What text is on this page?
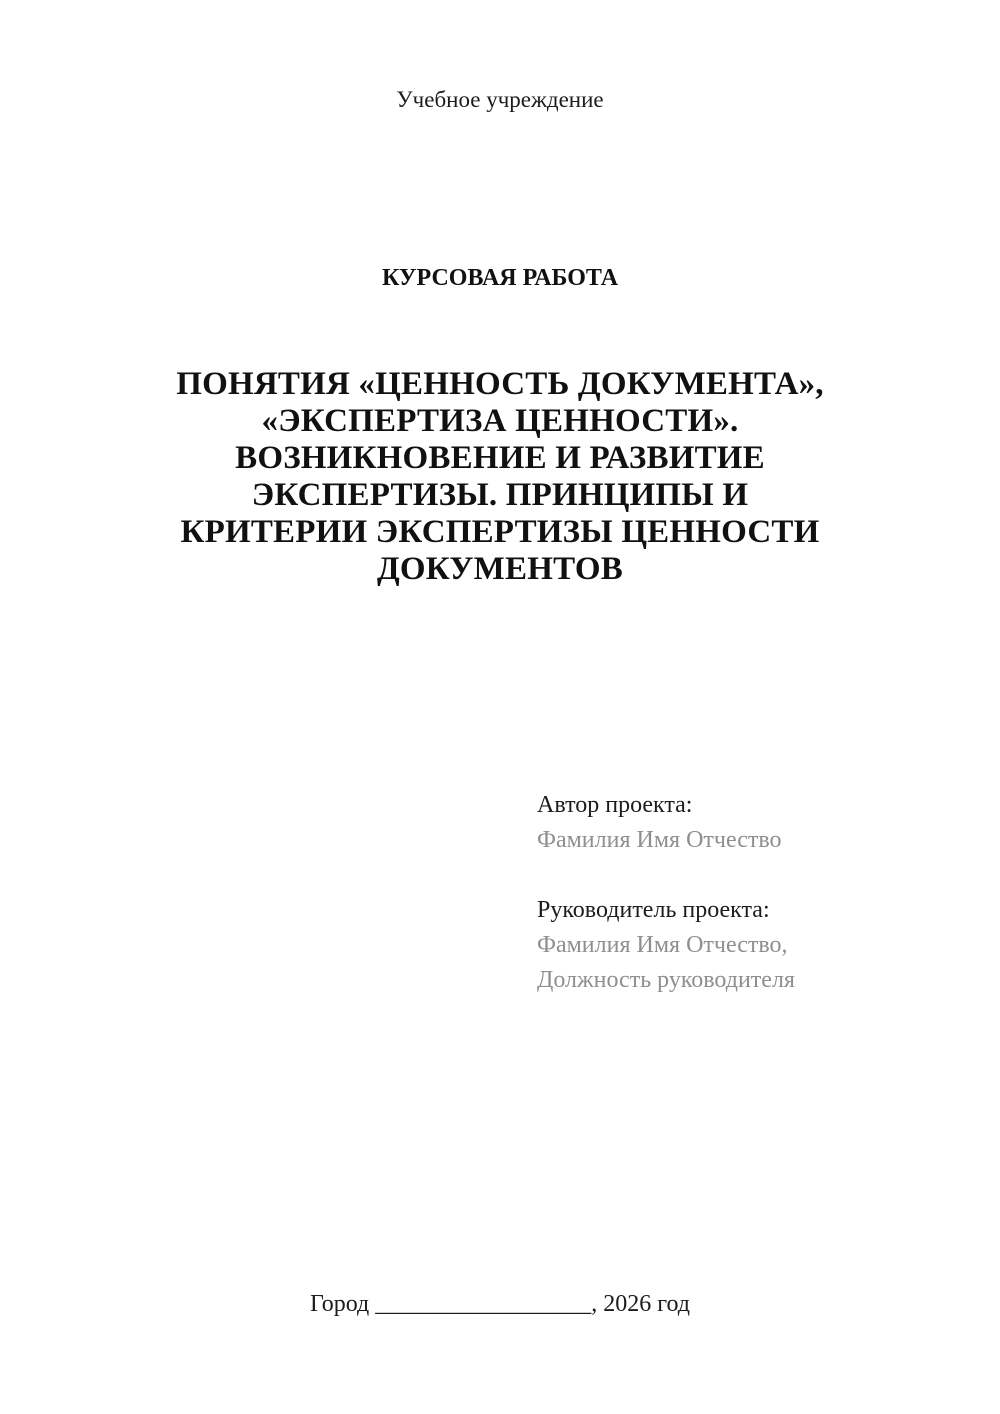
Учебное учреждение
КУРСОВАЯ РАБОТА
ПОНЯТИЯ «ЦЕННОСТЬ ДОКУМЕНТА»,
«ЭКСПЕРТИЗА ЦЕННОСТИ».
ВОЗНИКНОВЕНИЕ И РАЗВИТИЕ
ЭКСПЕРТИЗЫ. ПРИНЦИПЫ И
КРИТЕРИИ ЭКСПЕРТИЗЫ ЦЕННОСТИ
ДОКУМЕНТОВ
Автор проекта:
Фамилия Имя Отчество
Руководитель проекта:
Фамилия Имя Отчество,
Должность руководителя
Город __________________, 2026 год
